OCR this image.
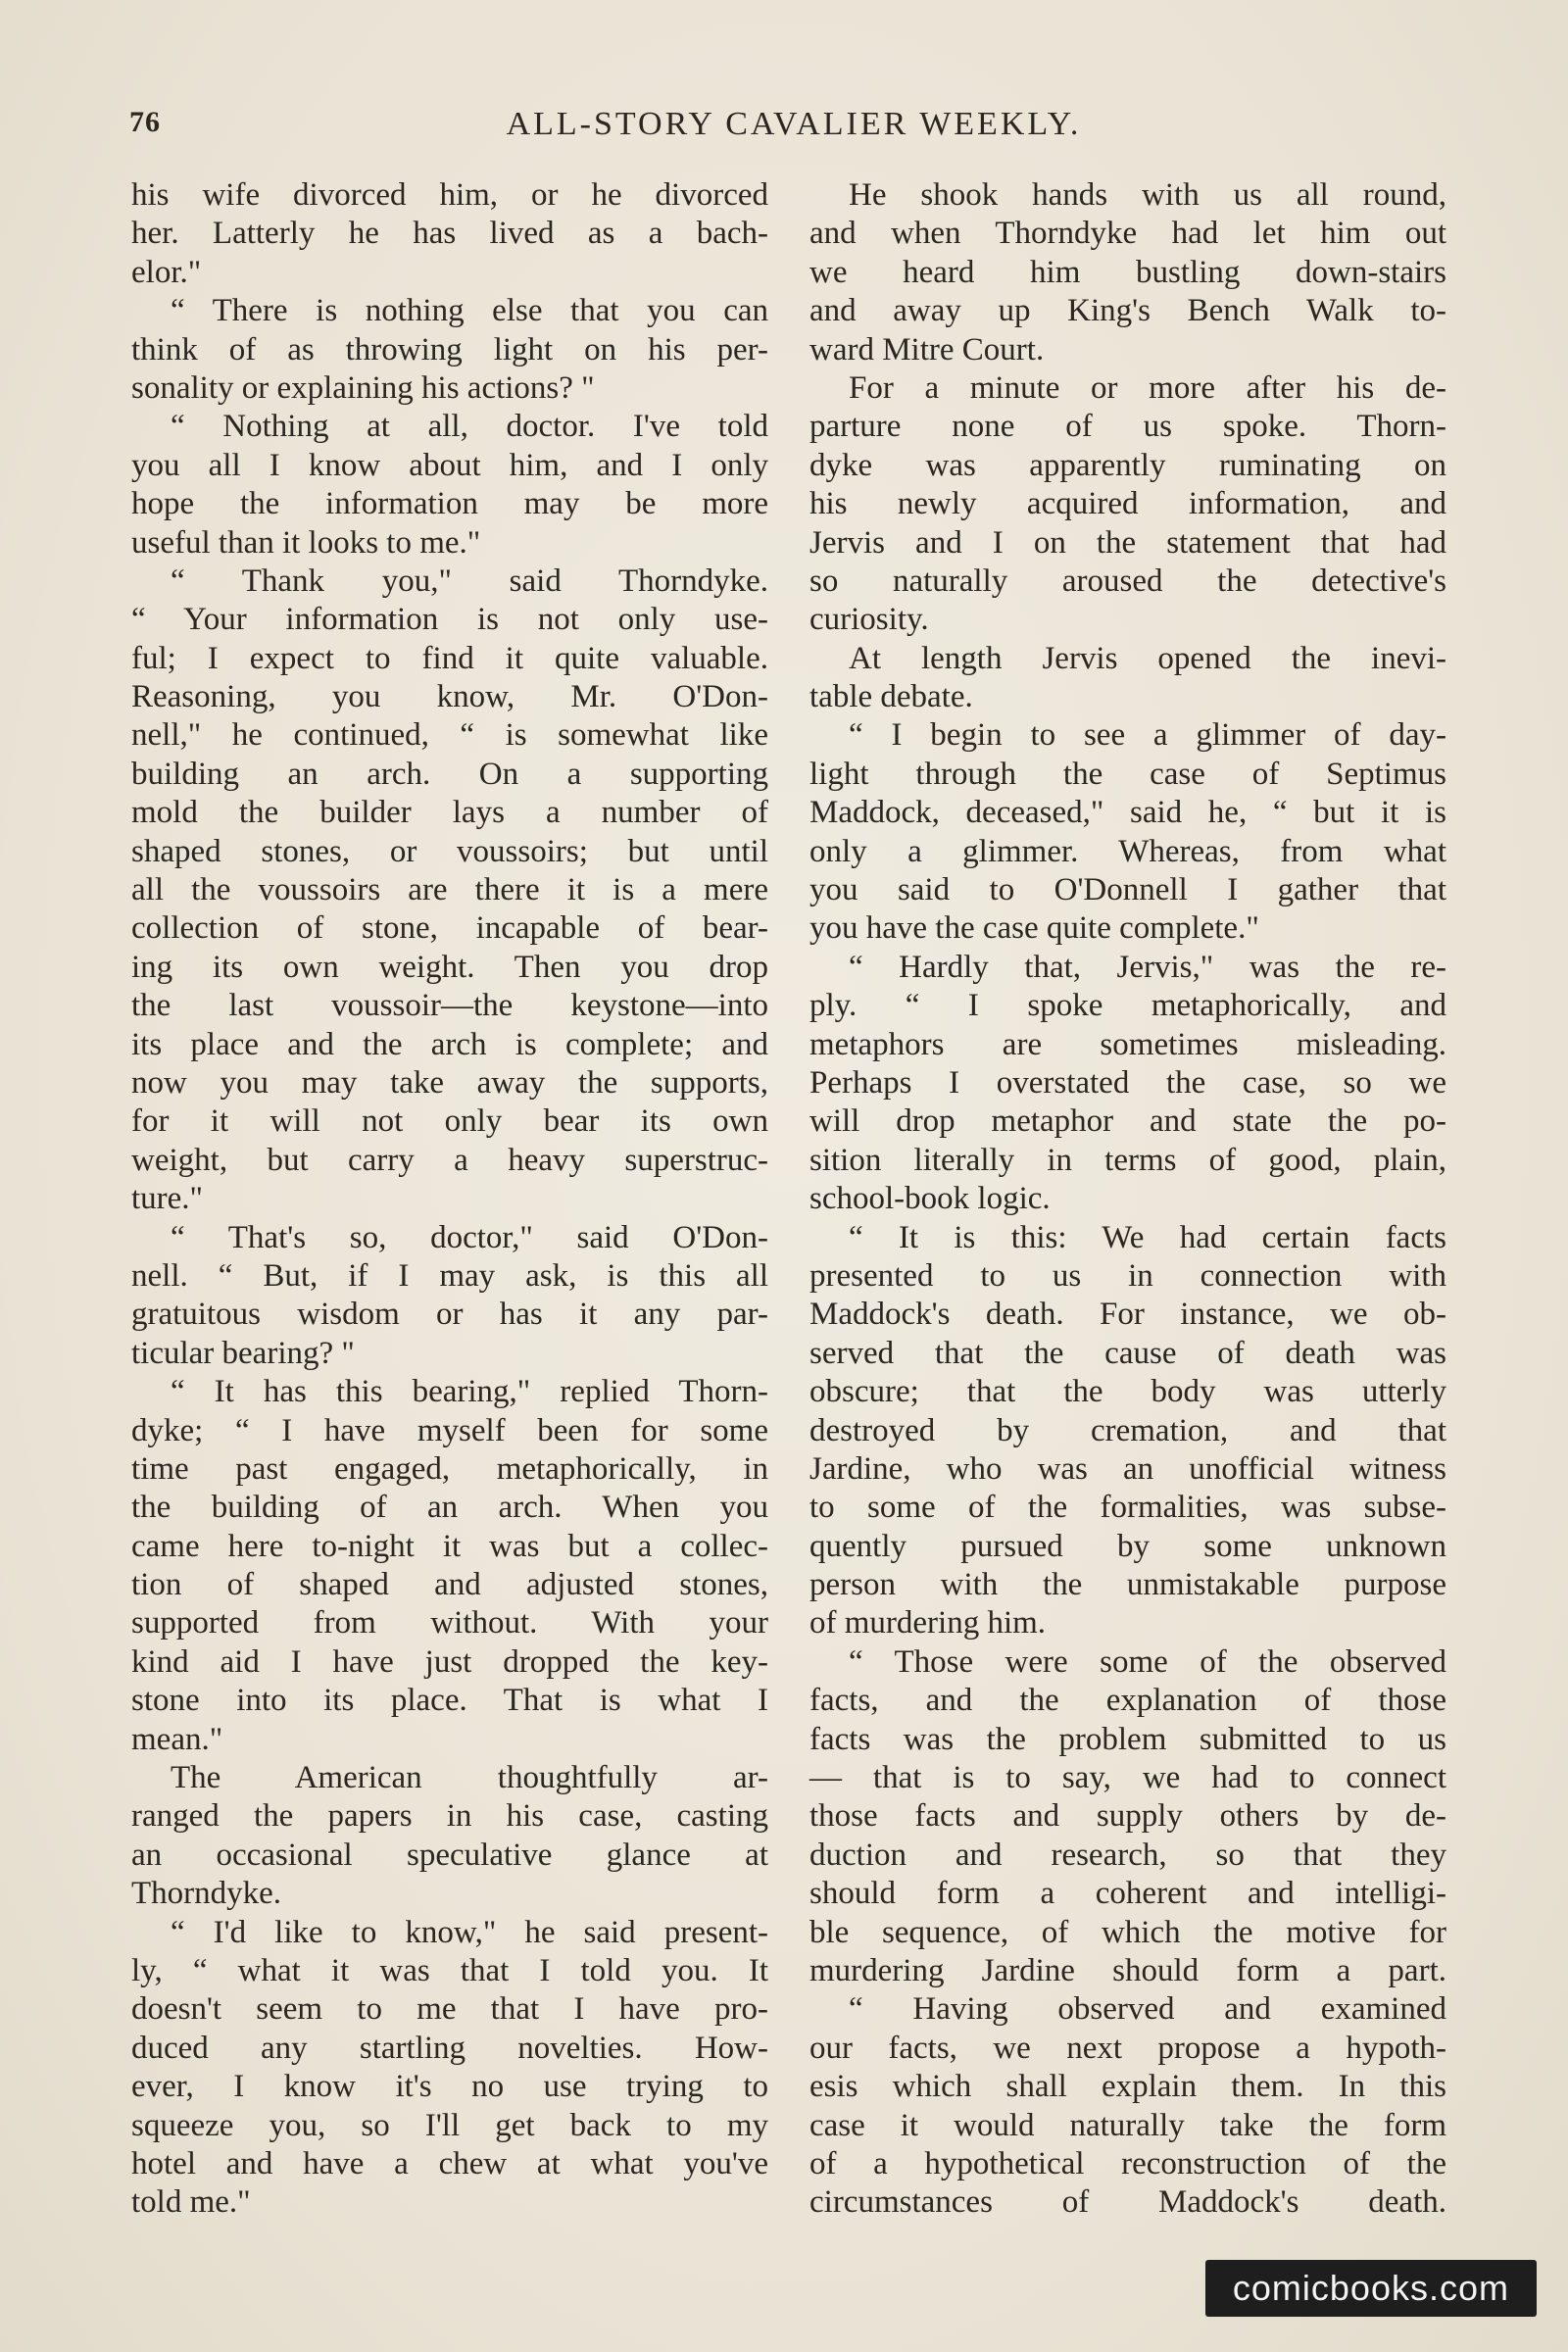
76	ALL-STORY CAVALIER WEEKLY.
his wife divorced him, or he divorced
her. Latterly he has lived as a bach-
elor."
“ There is nothing else that you can
think of as throwing light on his per-
sonality or explaining his actions? "
“ Nothing at all, doctor. I've told
you all I know about him, and I only
hope the information may be more
useful than it looks to me."
“ Thank you," said Thorndyke.
“ Your information is not only use-
ful; I expect to find it quite valuable.
Reasoning, you know, Mr. O'Don-
nell," he continued, “ is somewhat like
building an arch. On a supporting
mold the builder lays a number of
shaped stones, or voussoirs; but until
all the voussoirs are there it is a mere
collection of stone, incapable of bear-
ing its own weight. Then you drop
the last voussoir—the keystone—into
its place and the arch is complete; and
now you may take away the supports,
for it will not only bear its own
weight, but carry a heavy superstruc-
ture."
“ That's so, doctor," said O'Don-
nell. “ But, if I may ask, is this all
gratuitous wisdom or has it any par-
ticular bearing? "
“ It has this bearing," replied Thorn-
dyke; “ I have myself been for some
time past engaged, metaphorically, in
the building of an arch. When you
came here to-night it was but a collec-
tion of shaped and adjusted stones,
supported from without. With your
kind aid I have just dropped the key-
stone into its place. That is what I
mean."
The American thoughtfully ar-
ranged the papers in his case, casting
an occasional speculative glance at
Thorndyke.
“ I'd like to know," he said present-
ly, “ what it was that I told you. It
doesn't seem to me that I have pro-
duced any startling novelties. How-
ever, I know it's no use trying to
squeeze you, so I'll get back to my
hotel and have a chew at what you've
told me."
He shook hands with us all round,
and when Thorndyke had let him out
we heard him bustling down-stairs
and away up King's Bench Walk to-
ward Mitre Court.
For a minute or more after his de-
parture none of us spoke. Thorn-
dyke was apparently ruminating on
his newly acquired information, and
Jervis and I on the statement that had
so naturally aroused the detective's
curiosity.
At length Jervis opened the inevi-
table debate.
“ I begin to see a glimmer of day-
light through the case of Septimus
Maddock, deceased," said he, “ but it is
only a glimmer. Whereas, from what
you said to O'Donnell I gather that
you have the case quite complete."
“ Hardly that, Jervis," was the re-
ply. “ I spoke metaphorically, and
metaphors are sometimes misleading.
Perhaps I overstated the case, so we
will drop metaphor and state the po-
sition literally in terms of good, plain,
school-book logic.
“ It is this: We had certain facts
presented to us in connection with
Maddock's death. For instance, we ob-
served that the cause of death was
obscure; that the body was utterly
destroyed by cremation, and that
Jardine, who was an unofficial witness
to some of the formalities, was subse-
quently pursued by some unknown
person with the unmistakable purpose
of murdering him.
“ Those were some of the observed
facts, and the explanation of those
facts was the problem submitted to us
— that is to say, we had to connect
those facts and supply others by de-
duction and research, so that they
should form a coherent and intelligi-
ble sequence, of which the motive for
murdering Jardine should form a part.
“ Having observed and examined
our facts, we next propose a hypoth-
esis which shall explain them. In this
case it would naturally take the form
of a hypothetical reconstruction of the
circumstances of Maddock's death.
comicbooks.com
